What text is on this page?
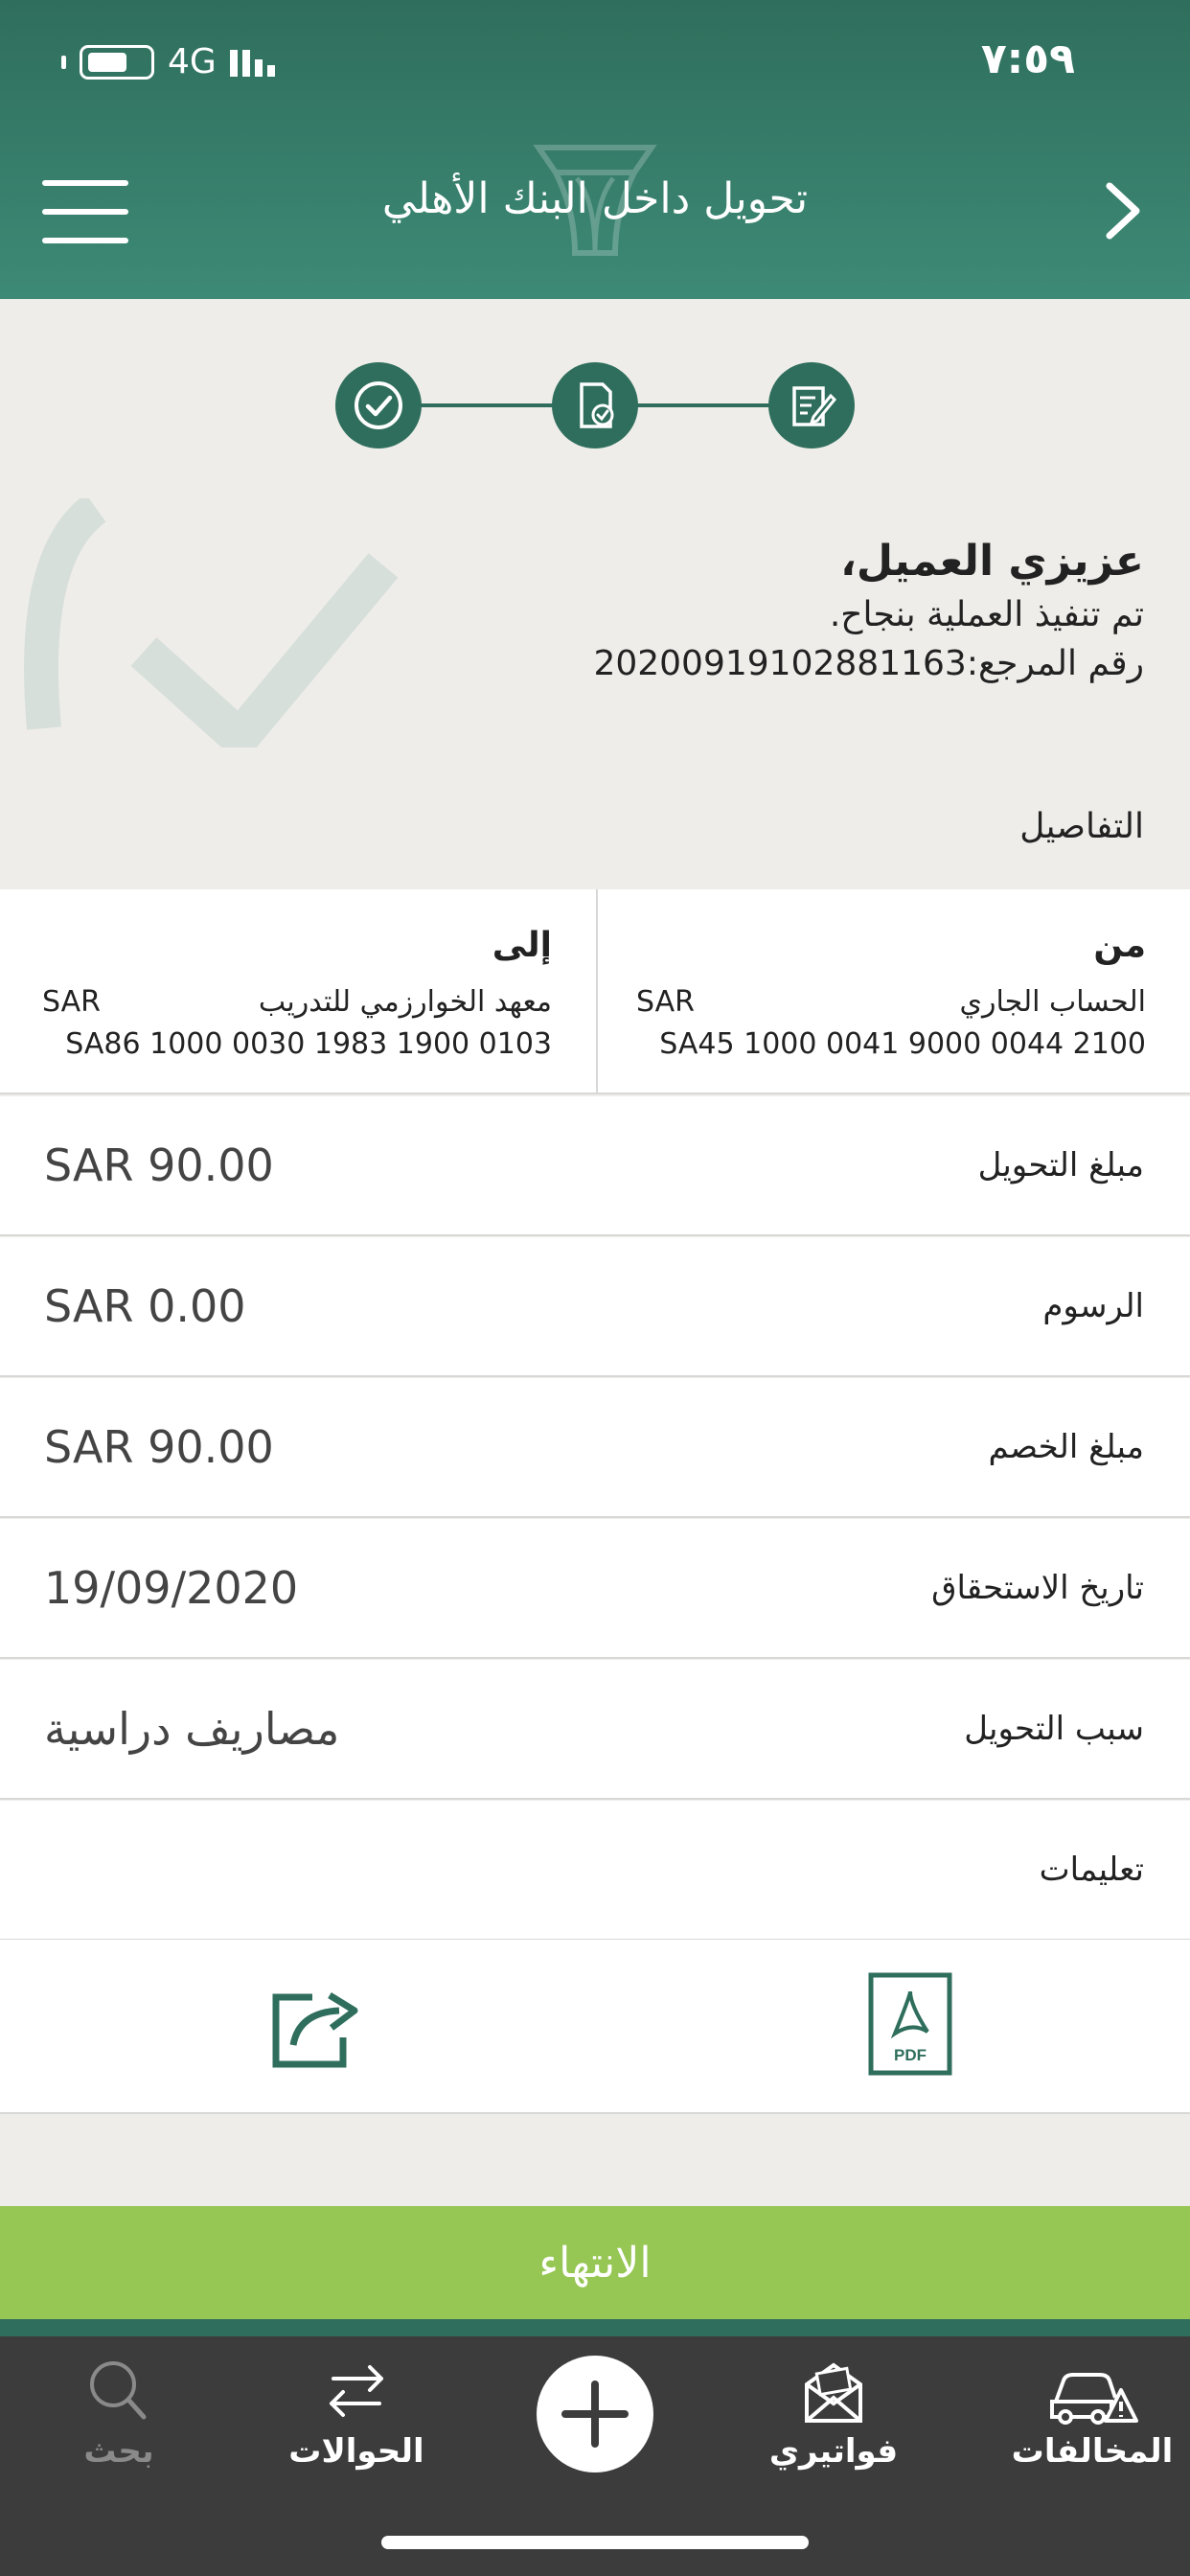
4G	٧:٥٩
تحويل داخل البنك الأهلي
عزيزي العميل،
تم تنفيذ العملية بنجاح.
رقم المرجع:20200919102881163
التفاصيل
من
الحساب الجاري
SAR
SA45 1000 0041 9000 0044 2100
إلى
معهد الخوارزمي للتدريب
SAR
SA86 1000 0030 1983 1900 0103
مبلغ التحويل
SAR 90.00
الرسوم
SAR 0.00
مبلغ الخصم
SAR 90.00
تاريخ الاستحقاق
19/09/2020
سبب التحويل
مصاريف دراسية
تعليمات
PDF
الانتهاء
المخالفات
فواتيري
الحوالات
بحث
